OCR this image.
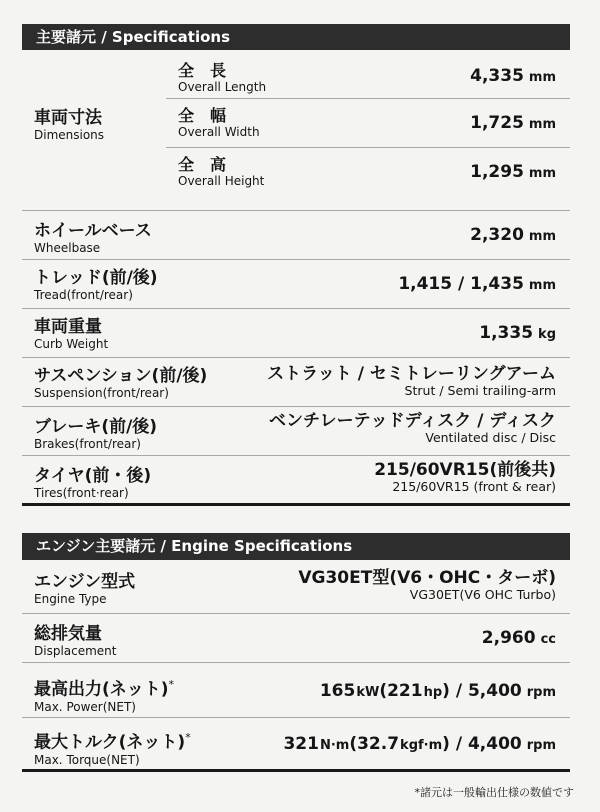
主要諸元 / Specifications
車両寸法
Dimensions
全長
Overall Length
4,335 mm
全幅
Overall Width	1,725 mm
全高
Overall Height	1,295 mm
ホイールベース
Wheelbase
2,320 mm
トレッド(前/後)
Tread(front/rear)
1,415 / 1,435 mm
車両重量
Curb Weight
1,335 kg
サスペンション(前/後)
Suspension(front/rear)
ストラット / セミトレーリングアーム
Strut / Semi trailing-arm
ブレーキ(前/後)
Brakes(front/rear)
ベンチレーテッドディスク / ディスク
Ventilated disc / Disc
タイヤ(前・後)
Tires(front·rear)
215/60VR15(前後共)
215/60VR15 (front & rear)
エンジン主要諸元 / Engine Specifications
エンジン型式
Engine Type
VG30ET型(V6・OHC・ターボ)
VG30ET(V6 OHC Turbo)
総排気量
Displacement
2,960 cc
最高出力(ネット)*
Max. Power(NET)
165kW(221hp) / 5,400 rpm
最大トルク(ネット)*
Max. Torque(NET)
321N·m(32.7kgf·m) / 4,400 rpm
*諸元は一般輸出仕様の数値です
